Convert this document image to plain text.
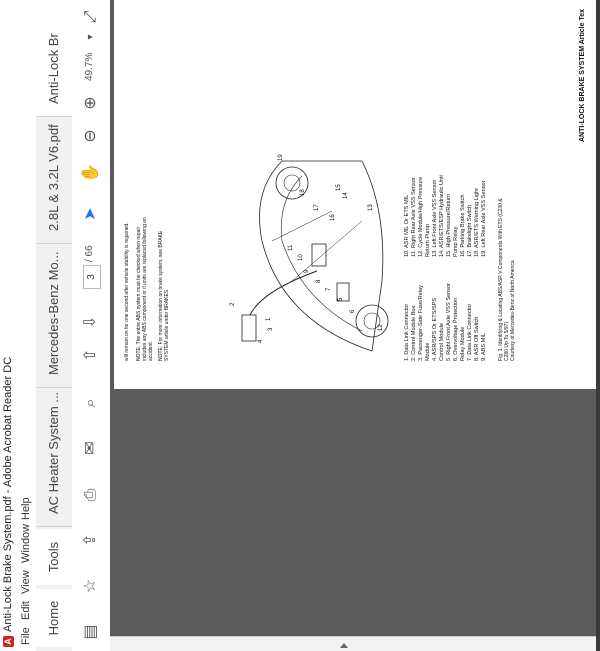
A
Anti-Lock Brake System.pdf - Adobe Acrobat Reader DC
File
Edit
View
Window
Help
Home
Tools
AC Heater System ...
Mercedes-Benz Mo...
2.8L & 3.2L V6.pdf
Anti-Lock Br
▤
☆
⇪
⎙
✉
⌕
⇧
⇩
3
/ 66
➤
✋
⊖
⊕
49.7%
▾
⤢
will remain on for one second after vehicle stability is regained. NOTE: The entire ABS system must be checked when repair includes any ABS component or if units are replaced following an accident. NOTE: For more information on brake system, see BRAKE SYSTEM article under BRAKES.	1
2
3
4
5
6
7
8
9
10
11
12
13
14
15
16
17
18
19
1. Data Link Connector 2. Control Module Box 3. Passenger-Side Fuse/Relay Module 4. ASR/SPS Or ETS/SPS Control Module 5. Right Front Axle VSS Sensor 6. Overvoltage Protection Relay Module 7. Data Link Connector 8. ASR Off Switch 9. ABS MIL
10. ASR MIL Or ETS MIL 11. Right Rear Axle VSS Sensor 12. Cycle Module/High Pressure Return Pump 13. Left Front Axle VSS Sensor 14. ASR/ETS/ESP Hydraulic Unit 15. High Pressure/Return Pump Relay 16. Parking Brake Switch 17. Brakelight Switch 18. ASR/ETS Warning Light 19. Left Rear Axle VSS Sensor Fig. 1: Identifying & Locating ABS/ASR V Components With ETS (C230 & C280 Up To 5/97) Courtesy of Mercedes-Benz of North America.
ANTI-LOCK BRAKE SYSTEM Article Tex
